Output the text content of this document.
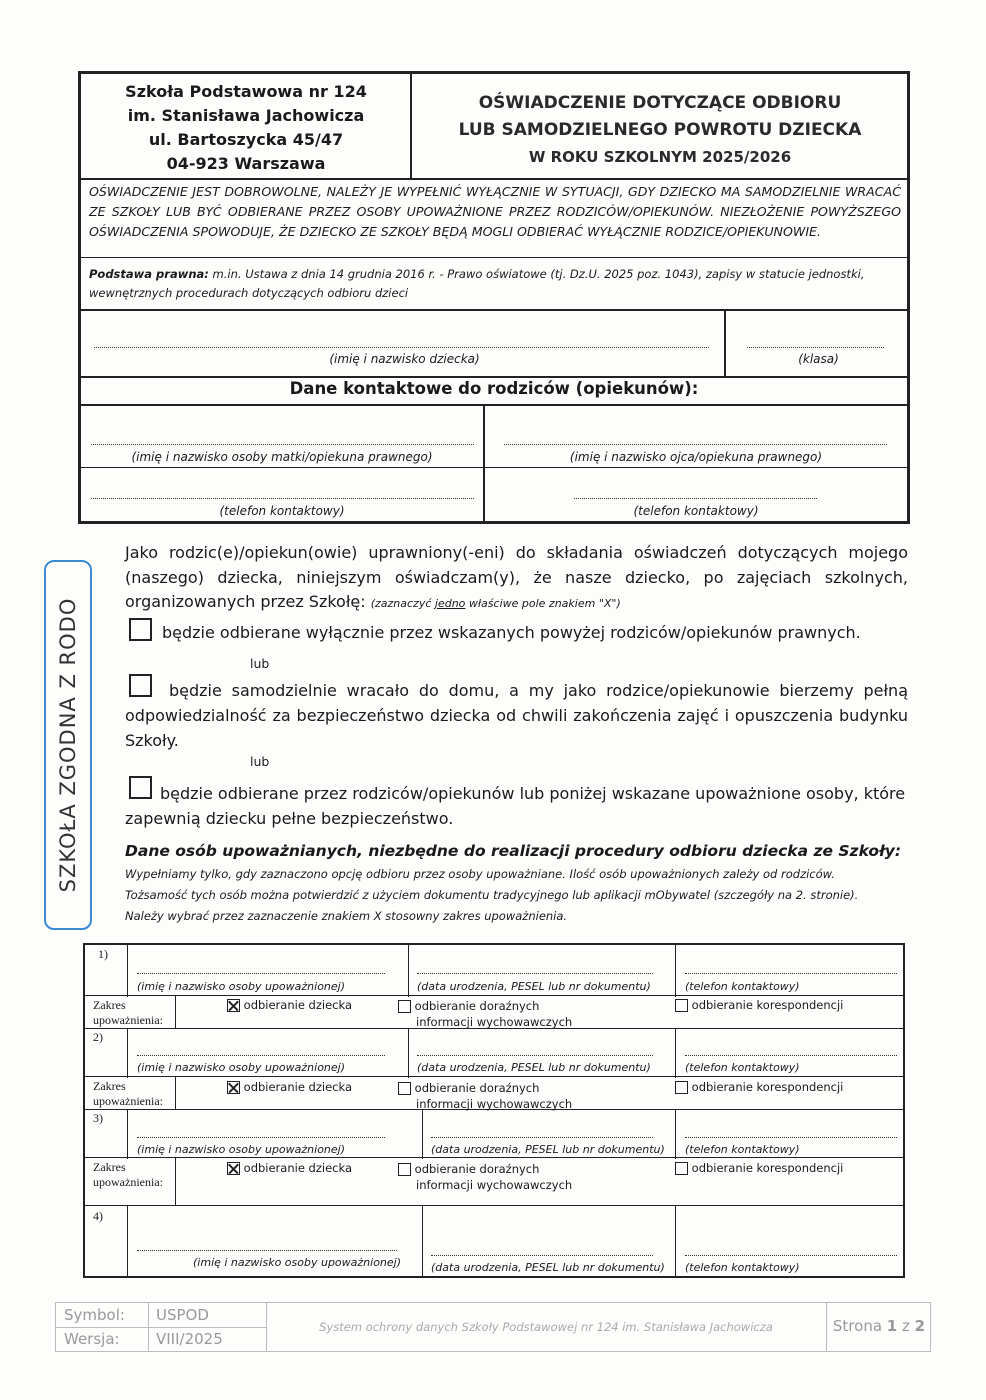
Szkoła Podstawowa nr 124
im. Stanisława Jachowicza
ul. Bartoszycka 45/47
04-923 Warszawa
OŚWIADCZENIE DOTYCZĄCE ODBIORU
LUB SAMODZIELNEGO POWROTU DZIECKA
W ROKU SZKOLNYM 2025/2026
OŚWIADCZENIE JEST DOBROWOLNE, NALEŻY JE WYPEŁNIĆ WYŁĄCZNIE W SYTUACJI, GDY DZIECKO MA SAMODZIELNIE WRACAĆ ZE SZKOŁY LUB BYĆ ODBIERANE PRZEZ OSOBY UPOWAŻNIONE PRZEZ RODZICÓW/OPIEKUNÓW. NIEZŁOŻENIE POWYŻSZEGO OŚWIADCZENIA SPOWODUJE, ŻE DZIECKO ZE SZKOŁY BĘDĄ MOGLI ODBIERAĆ WYŁĄCZNIE RODZICE/OPIEKUNOWIE.
Podstawa prawna: m.in. Ustawa z dnia 14 grudnia 2016 r. - Prawo oświatowe (tj. Dz.U. 2025 poz. 1043), zapisy w statucie jednostki, wewnętrznych procedurach dotyczących odbioru dzieci
(imię i nazwisko dziecka)	(klasa)
Dane kontaktowe do rodziców (opiekunów):
(imię i nazwisko osoby matki/opiekuna prawnego)	(imię i nazwisko ojca/opiekuna prawnego)
(telefon kontaktowy)	(telefon kontaktowy)
SZKOŁA ZGODNA Z RODO
Jako rodzic(e)/opiekun(owie) uprawniony(-eni) do składania oświadczeń dotyczących mojego (naszego) dziecka, niniejszym oświadczam(y), że nasze dziecko, po zajęciach szkolnych, organizowanych przez Szkołę: (zaznaczyć jedno właściwe pole znakiem "X")
będzie odbierane wyłącznie przez wskazanych powyżej rodziców/opiekunów prawnych.
lub
będzie samodzielnie wracało do domu, a my jako rodzice/opiekunowie bierzemy pełną odpowiedzialność za bezpieczeństwo dziecka od chwili zakończenia zajęć i opuszczenia budynku Szkoły.
lub
będzie odbierane przez rodziców/opiekunów lub poniżej wskazane upoważnione osoby, które zapewnią dziecku pełne bezpieczeństwo.
Dane osób upoważnianych, niezbędne do realizacji procedury odbioru dziecka ze Szkoły:
Wypełniamy tylko, gdy zaznaczono opcję odbioru przez osoby upoważniane. Ilość osób upoważnionych zależy od rodziców.
Tożsamość tych osób można potwierdzić z użyciem dokumentu tradycyjnego lub aplikacji mObywatel (szczegóły na 2. stronie).
Należy wybrać przez zaznaczenie znakiem X stosowny zakres upoważnienia.
1)
(imię i nazwisko osoby upoważnionej)	(data urodzenia, PESEL lub nr dokumentu)	(telefon kontaktowy)
Zakres
upoważnienia:
odbieranie dziecka	odbieranie doraźnych
informacji wychowawczych
odbieranie korespondencji
2)
(imię i nazwisko osoby upoważnionej)	(data urodzenia, PESEL lub nr dokumentu)	(telefon kontaktowy)
Zakres
upoważnienia:
odbieranie dziecka	odbieranie doraźnych
informacji wychowawczych
odbieranie korespondencji
3)
(imię i nazwisko osoby upoważnionej)	(data urodzenia, PESEL lub nr dokumentu) (telefon kontaktowy)
Zakres
upoważnienia:
odbieranie dziecka	odbieranie doraźnych
informacji wychowawczych
odbieranie korespondencji
4)
(imię i nazwisko osoby upoważnionej)	(data urodzenia, PESEL lub nr dokumentu) (telefon kontaktowy)
Symbol:
Wersja:
USPOD
VIII/2025
System ochrony danych Szkoły Podstawowej nr 124 im. Stanisława Jachowicza	Strona 1 z 2
